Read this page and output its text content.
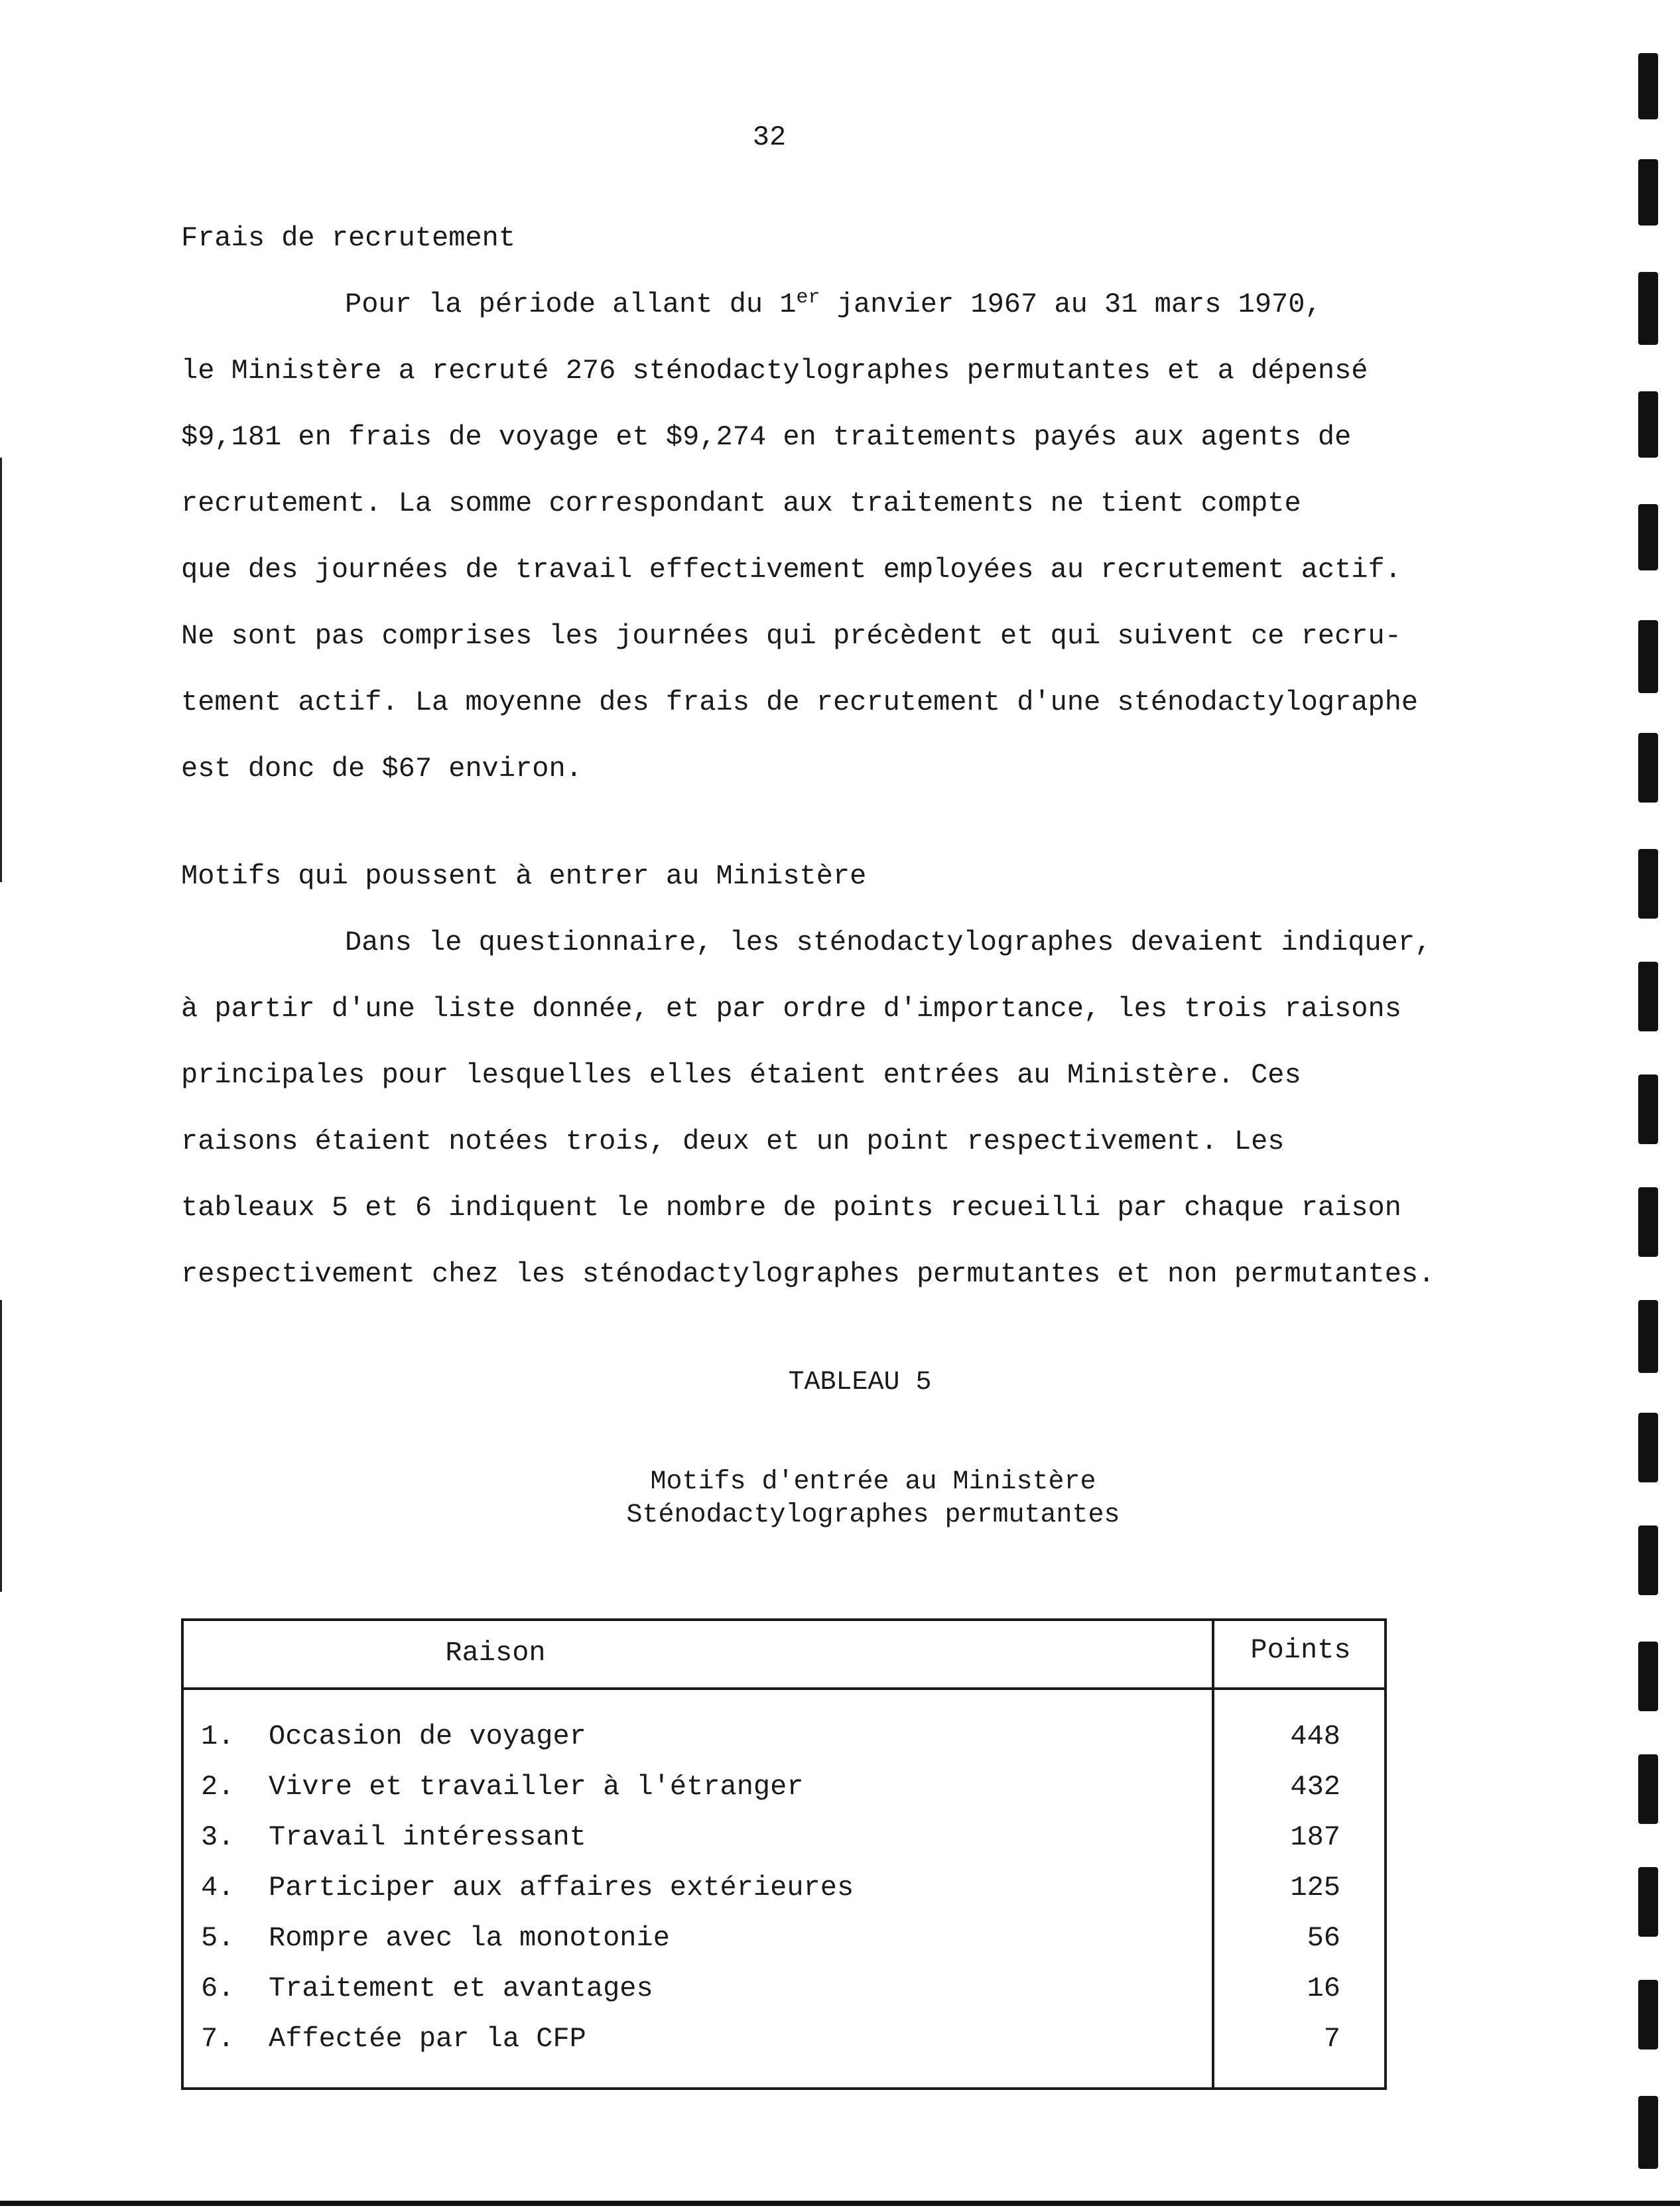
32
Frais de recrutement
Pour la période allant du 1er janvier 1967 au 31 mars 1970,
le Ministère a recruté 276 sténodactylographes permutantes et a dépensé
$9,181 en frais de voyage et $9,274 en traitements payés aux agents de
recrutement. La somme correspondant aux traitements ne tient compte
que des journées de travail effectivement employées au recrutement actif.
Ne sont pas comprises les journées qui précèdent et qui suivent ce recru-
tement actif. La moyenne des frais de recrutement d'une sténodactylographe
est donc de $67 environ.
Motifs qui poussent à entrer au Ministère
Dans le questionnaire, les sténodactylographes devaient indiquer,
à partir d'une liste donnée, et par ordre d'importance, les trois raisons
principales pour lesquelles elles étaient entrées au Ministère. Ces
raisons étaient notées trois, deux et un point respectivement. Les
tableaux 5 et 6 indiquent le nombre de points recueilli par chaque raison
respectivement chez les sténodactylographes permutantes et non permutantes.
TABLEAU 5
Motifs d'entrée au Ministère
Sténodactylographes permutantes
Raison	Points
1. Occasion de voyager	448
2. Vivre et travailler à l'étranger	432
3. Travail intéressant	187
4. Participer aux affaires extérieures	125
5. Rompre avec la monotonie	56
6. Traitement et avantages	16
7. Affectée par la CFP	7
